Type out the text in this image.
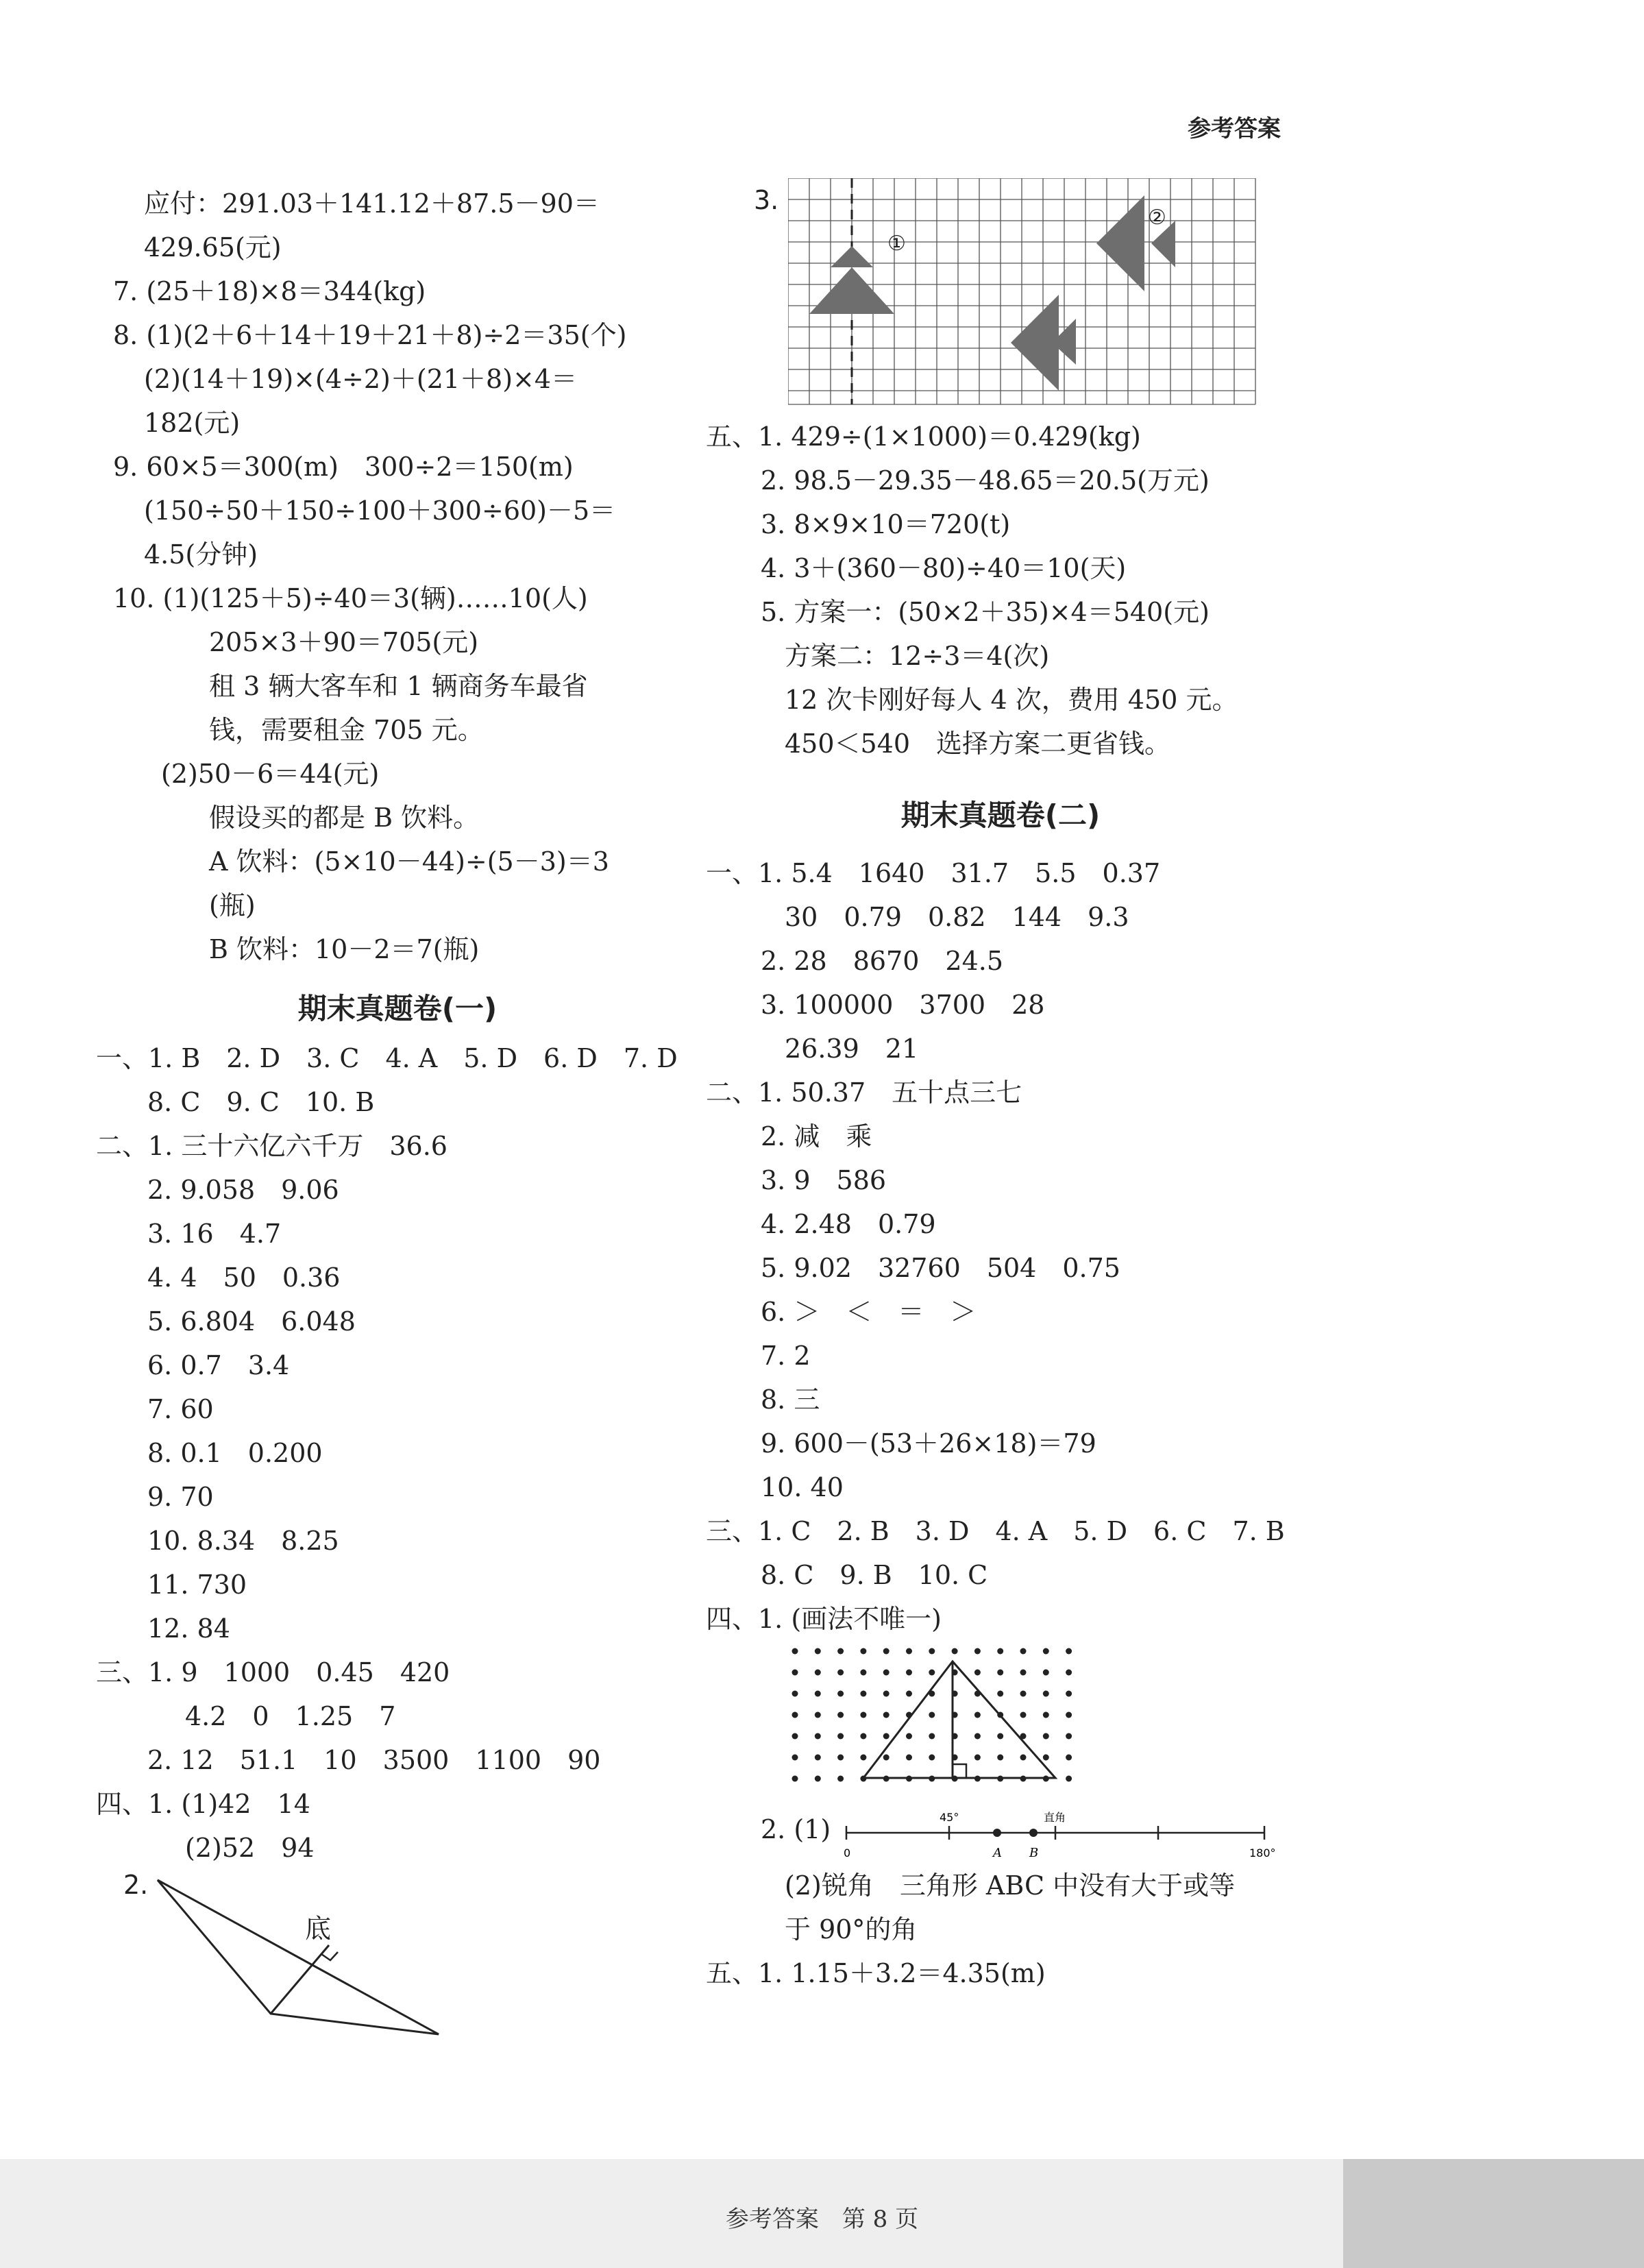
参考答案
应付：291.03＋141.12＋87.5－90＝
429.65(元)
7. (25＋18)×8＝344(kg)
8. (1)(2＋6＋14＋19＋21＋8)÷2＝35(个)
(2)(14＋19)×(4÷2)＋(21＋8)×4＝
182(元)
9. 60×5＝300(m)　300÷2＝150(m)
(150÷50＋150÷100＋300÷60)－5＝
4.5(分钟)
10. (1)(125＋5)÷40＝3(辆)……10(人)
205×3＋90＝705(元)
租 3 辆大客车和 1 辆商务车最省
钱，需要租金 705 元。
(2)50－6＝44(元)
假设买的都是 B 饮料。
A 饮料：(5×10－44)÷(5－3)＝3
(瓶)
B 饮料：10－2＝7(瓶)
期末真题卷(一)
一、1. B　2. D　3. C　4. A　5. D　6. D　7. D
8. C　9. C　10. B
二、1. 三十六亿六千万　36.6
2. 9.058　9.06
3. 16　4.7
4. 4　50　0.36
5. 6.804　6.048
6. 0.7　3.4
7. 60
8. 0.1　0.200
9. 70
10. 8.34　8.25
11. 730
12. 84
三、1. 9　1000　0.45　420
4.2　0　1.25　7
2. 12　51.1　10　3500　1100　90
四、1. (1)42　14
(2)52　94
2.
底
3.
①
②
五、1. 429÷(1×1000)＝0.429(kg)
2. 98.5－29.35－48.65＝20.5(万元)
3. 8×9×10＝720(t)
4. 3＋(360－80)÷40＝10(天)
5. 方案一：(50×2＋35)×4＝540(元)
方案二：12÷3＝4(次)
12 次卡刚好每人 4 次，费用 450 元。
450＜540　选择方案二更省钱。
期末真题卷(二)
一、1. 5.4　1640　31.7　5.5　0.37
30　0.79　0.82　144　9.3
2. 28　8670　24.5
3. 100000　3700　28
26.39　21
二、1. 50.37　五十点三七
2. 减　乘
3. 9　586
4. 2.48　0.79
5. 9.02　32760　504　0.75
6. ＞　＜　＝　＞
7. 2
8. 三
9. 600－(53＋26×18)＝79
10. 40
三、1. C　2. B　3. D　4. A　5. D　6. C　7. B
8. C　9. B　10. C
四、1. (画法不唯一)
2. (1)
0
45°	直角
180°
A B
(2)锐角　三角形 ABC 中没有大于或等
于 90°的角
五、1. 1.15＋3.2＝4.35(m)
参考答案　第 8 页
